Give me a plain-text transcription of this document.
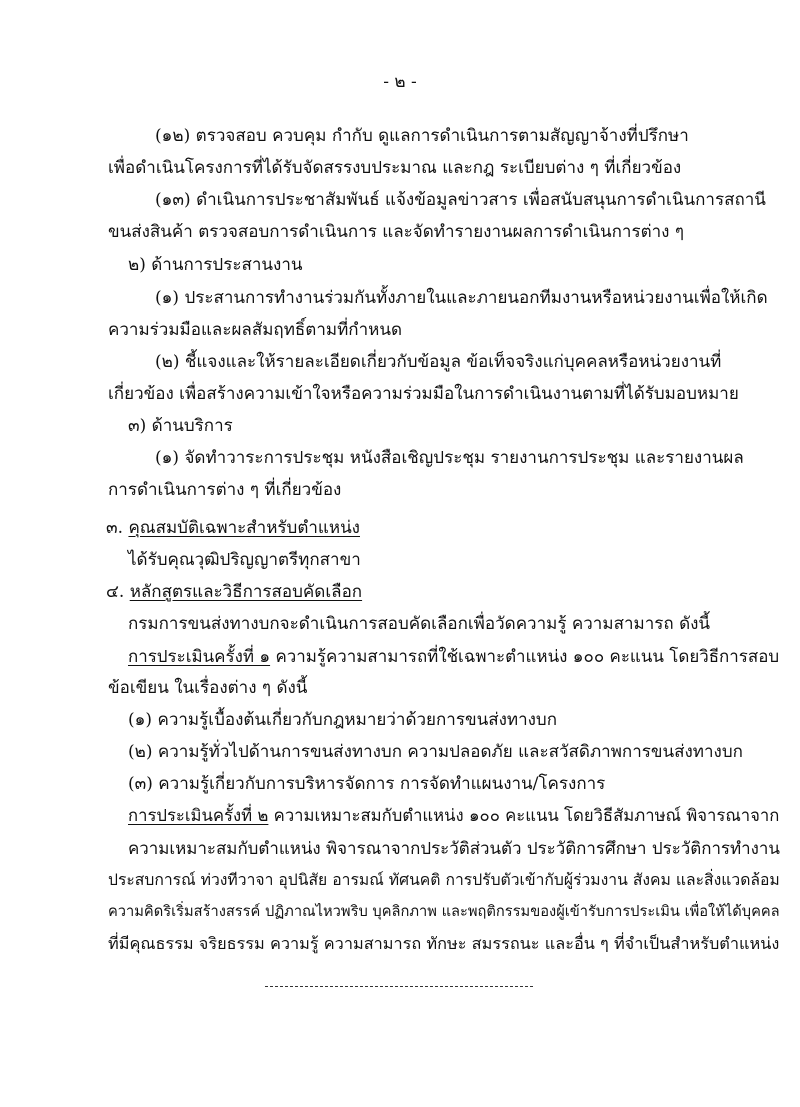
- ๒ -
(๑๒) ตรวจสอบ ควบคุม กำกับ ดูแลการดำเนินการตามสัญญาจ้างที่ปรึกษา
เพื่อดำเนินโครงการที่ได้รับจัดสรรงบประมาณ และกฎ ระเบียบต่าง ๆ ที่เกี่ยวข้อง
(๑๓) ดำเนินการประชาสัมพันธ์ แจ้งข้อมูลข่าวสาร เพื่อสนับสนุนการดำเนินการสถานี
ขนส่งสินค้า ตรวจสอบการดำเนินการ และจัดทำรายงานผลการดำเนินการต่าง ๆ
๒) ด้านการประสานงาน
(๑) ประสานการทำงานร่วมกันทั้งภายในและภายนอกทีมงานหรือหน่วยงานเพื่อให้เกิด
ความร่วมมือและผลสัมฤทธิ์ตามที่กำหนด
(๒) ชี้แจงและให้รายละเอียดเกี่ยวกับข้อมูล ข้อเท็จจริงแก่บุคคลหรือหน่วยงานที่
เกี่ยวข้อง เพื่อสร้างความเข้าใจหรือความร่วมมือในการดำเนินงานตามที่ได้รับมอบหมาย
๓) ด้านบริการ
(๑) จัดทำวาระการประชุม หนังสือเชิญประชุม รายงานการประชุม และรายงานผล
การดำเนินการต่าง ๆ ที่เกี่ยวข้อง
๓. คุณสมบัติเฉพาะสำหรับตำแหน่ง
ได้รับคุณวุฒิปริญญาตรีทุกสาขา
๔. หลักสูตรและวิธีการสอบคัดเลือก
กรมการขนส่งทางบกจะดำเนินการสอบคัดเลือกเพื่อวัดความรู้ ความสามารถ ดังนี้
การประเมินครั้งที่ ๑ ความรู้ความสามารถที่ใช้เฉพาะตำแหน่ง ๑๐๐ คะแนน โดยวิธีการสอบ
ข้อเขียน ในเรื่องต่าง ๆ ดังนี้
(๑) ความรู้เบื้องต้นเกี่ยวกับกฎหมายว่าด้วยการขนส่งทางบก
(๒) ความรู้ทั่วไปด้านการขนส่งทางบก ความปลอดภัย และสวัสดิภาพการขนส่งทางบก
(๓) ความรู้เกี่ยวกับการบริหารจัดการ การจัดทำแผนงาน/โครงการ
การประเมินครั้งที่ ๒ ความเหมาะสมกับตำแหน่ง ๑๐๐ คะแนน โดยวิธีสัมภาษณ์ พิจารณาจาก
ความเหมาะสมกับตำแหน่ง พิจารณาจากประวัติส่วนตัว ประวัติการศึกษา ประวัติการทำงาน
ประสบการณ์ ท่วงทีวาจา อุปนิสัย อารมณ์ ทัศนคติ การปรับตัวเข้ากับผู้ร่วมงาน สังคม และสิ่งแวดล้อม
ความคิดริเริ่มสร้างสรรค์ ปฏิภาณไหวพริบ บุคลิกภาพ และพฤติกรรมของผู้เข้ารับการประเมิน เพื่อให้ได้บุคคล
ที่มีคุณธรรม จริยธรรม ความรู้ ความสามารถ ทักษะ สมรรถนะ และอื่น ๆ ที่จำเป็นสำหรับตำแหน่ง
